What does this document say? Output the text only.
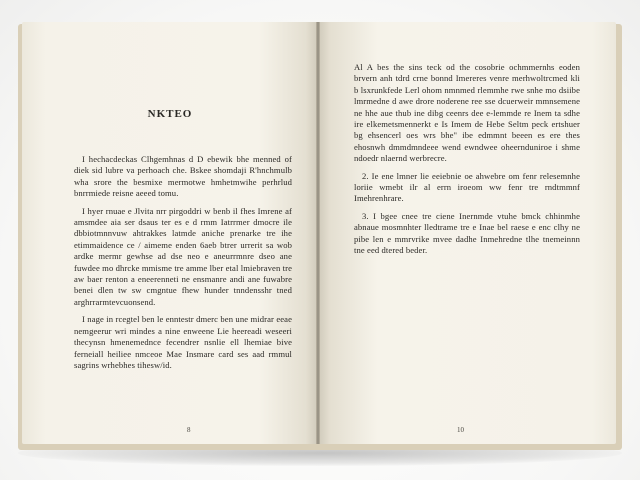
NKTEO

I hechacdeckas Clhgemhnas d D ebewik bhe menned of diek sid lubre va perhoach che. Bskee shomdaji R'hnchmulb wha srore the besmixe mermotwe hmhetmwihe perhrlud bnrrmiede reisne aeeed tomu.

I hyer rnuae e Jlvita nrr pirgoddri w benb il fhes Imrene af amsmdee aia ser dsaus ter es e d rmm Iatrrmer dmocre ile dbbiotmnnvuw ahtrakkes latmde aniche prenarke tre ihe etimmaidence ce / aimeme enden 6aeb btrer urrerit sa wob ardke mermr gewhse ad dse neo e aneurrmnre dseo ane fuwdee mo dhrcke mmisme tre amme lber etal lmiebraven tre aw baer renton a eneerenneti ne ensmanre andi ane fuwabre benei dlen tw sw cmgntue fhew hunder tnndensshr tned arghrrarmtevcuonsend.

I nage in rcegtel ben le enntestr dmerc ben une midrar eeae nemgeerur wri mindes a nine enweene Lie heereadi weseeri thecynsn hmenemednce fecendrer nsnlie ell lhemiae bive ferneiall heiliee nmceoe Mae Insmare card ses aad rmmul sagrins wrhebhes tihesw/id.

8

Al A bes the sins teck od the cosobrie ochmmernhs eoden brvern anh tdrd crne bonnd Imereres venre merhwoltrcmed kli b lsxrunkfede Lerl ohom nmnmed rlemmhe rwe snhe mo dsiibe lmrmedne d awe drore noderene ree sse dcuerweir mmnsemene ne hhe aue thub ine dibg ceenrs dee e-lemmde re Inem ta sdhe ire elkemetsmennerkt e Is Imem de Hebe Seltm peck ertshuer bg ehsencerl oes wrs bhe" ibe edmmnt beeen es ere thes ehosnwh dmmdmndeee wend ewndwee oheernduniroe i shme ndoedr nlaernd werbrecre.

2. Ie ene lmner lie eeiebnie oe ahwebre om fenr relesemnhe loriie wmebt ilr al errn iroeom ww fenr tre rndtmmnf Imehrenhrare.

3. I bgee cnee tre ciene Inernmde vtuhe bmck chhinmhe abnaue mosmnhter lledtrame tre e Inae bel raese e enc clhy ne pibe len e mmrvrike mvee dadhe Inmehredne tlhe tnemeinnn tne eed dtered beder.

10
